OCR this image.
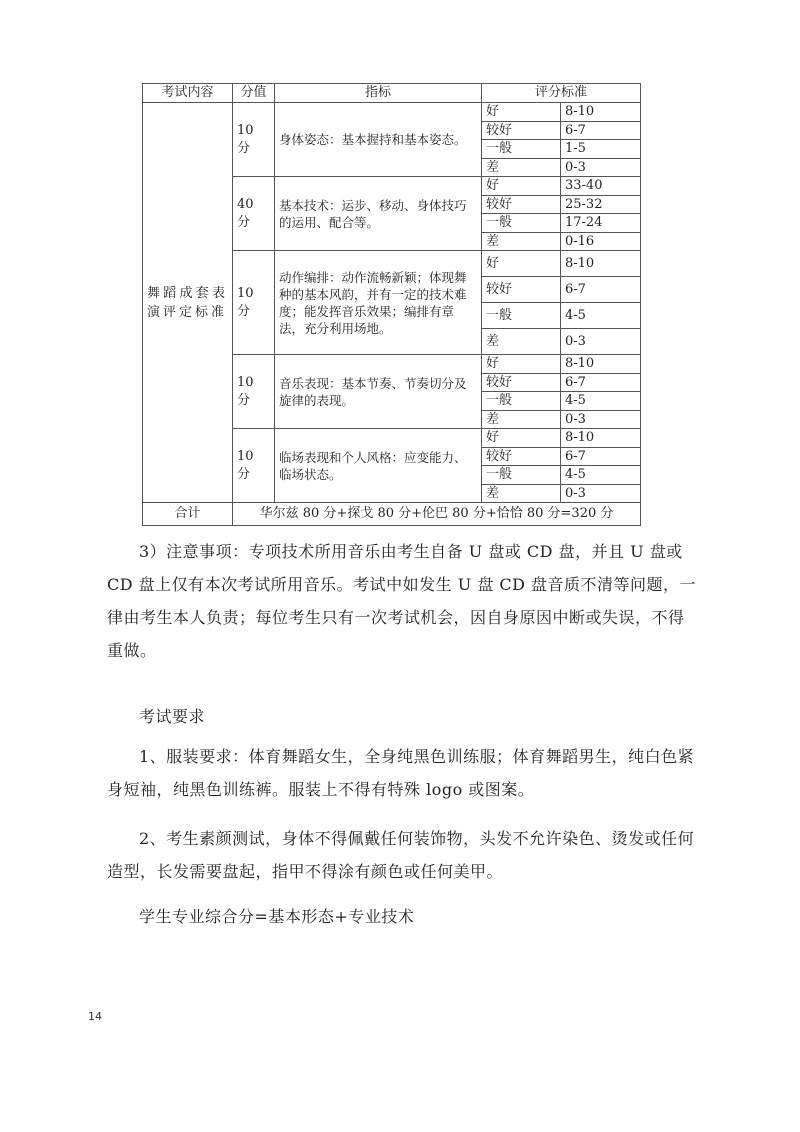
考试内容	分值	指标	评分标准	
舞蹈成套表演评定标准	10 分	身体姿态：基本握持和基本姿态。	好	8-10
			较好	6-7
			一般	1-5
			差	0-3
	40 分	基本技术：运步、移动、身体技巧的运用、配合等。	好	33-40
			较好	25-32
			一般	17-24
			差	0-16
	10 分	动作编排：动作流畅新颖；体现舞种的基本风韵，并有一定的技术难度；能发挥音乐效果；编排有章法，充分利用场地。	好	8-10
			较好	6-7
			一般	4-5
			差	0-3
	10 分	音乐表现：基本节奏、节奏切分及旋律的表现。	好	8-10
			较好	6-7
			一般	4-5
			差	0-3
	10 分	临场表现和个人风格：应变能力、 临场状态。	好	8-10
			较好	6-7
			一般	4-5
			差	0-3
合计	华尔兹 80 分+探戈 80 分+伦巴 80 分+恰恰 80 分=320 分			
3）注意事项：专项技术所用音乐由考生自备 U 盘或 CD 盘，并且 U 盘或 CD 盘上仅有本次考试所用音乐。考试中如发生 U 盘 CD 盘音质不清等问题，一律由考生本人负责；每位考生只有一次考试机会，因自身原因中断或失误，不得重做。
考试要求
1、服装要求：体育舞蹈女生，全身纯黑色训练服；体育舞蹈男生，纯白色紧身短袖，纯黑色训练裤。服装上不得有特殊 logo 或图案。
2、考生素颜测试，身体不得佩戴任何装饰物，头发不允许染色、烫发或任何造型，长发需要盘起，指甲不得涂有颜色或任何美甲。
学生专业综合分=基本形态+专业技术
14
